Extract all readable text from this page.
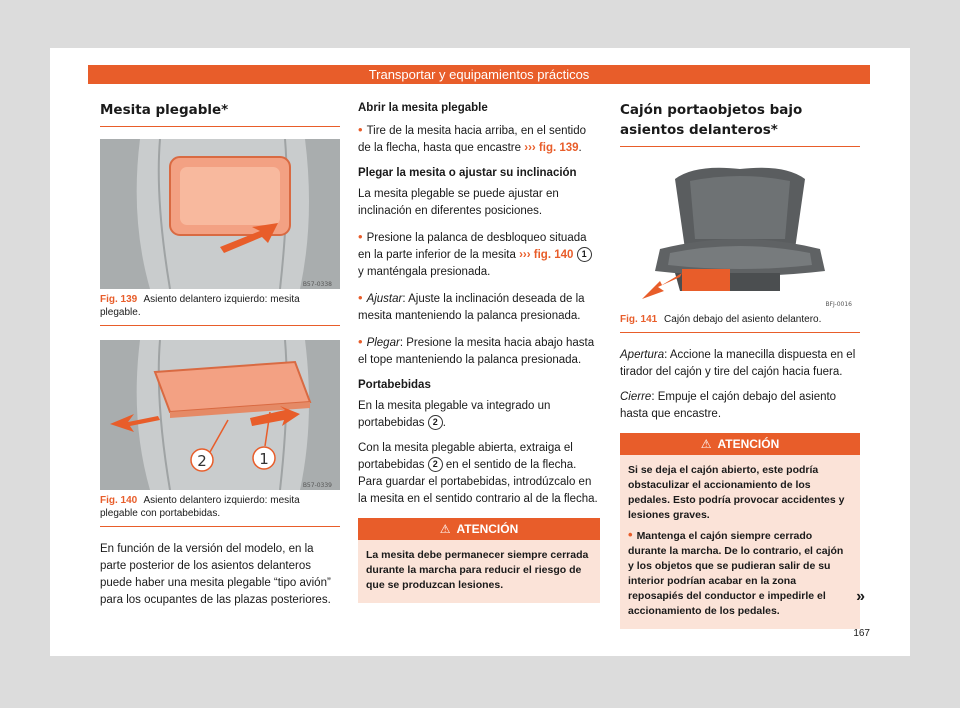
Transportar y equipamientos prácticos
Mesita plegable*
B57-0338
Fig. 139 Asiento delantero izquierdo: mesita plegable.
2	1
B57-0339
Fig. 140 Asiento delantero izquierdo: mesita plegable con portabebidas.

En función de la versión del modelo, en la parte posterior de los asientos delanteros puede haber una mesita plegable “tipo avión” para los ocupantes de las plazas posteriores.

Abrir la mesita plegable

• Tire de la mesita hacia arriba, en el sentido de la flecha, hasta que encastre ››› fig. 139.

Plegar la mesita o ajustar su inclinación

La mesita plegable se puede ajustar en inclinación en diferentes posiciones.

• Presione la palanca de desbloqueo situada en la parte inferior de la mesita ››› fig. 140 1 y manténgala presionada.

• Ajustar: Ajuste la inclinación deseada de la mesita manteniendo la palanca presionada.

• Plegar: Presione la mesita hacia abajo hasta el tope manteniendo la palanca presionada.

Portabebidas

En la mesita plegable va integrado un portabebidas 2 .

Con la mesita plegable abierta, extraiga el portabebidas 2 en el sentido de la flecha. Para guardar el portabebidas, introdúzcalo en la mesita en el sentido contrario al de la flecha.

⚠ ATENCIÓN

La mesita debe permanecer siempre cerrada durante la marcha para reducir el riesgo de que se produzcan lesiones.

Cajón portaobjetos bajo asientos delanteros*
BFJ-0016
Fig. 141 Cajón debajo del asiento delantero.

Apertura: Accione la manecilla dispuesta en el tirador del cajón y tire del cajón hacia fuera.

Cierre: Empuje el cajón debajo del asiento hasta que encastre.

⚠ ATENCIÓN

Si se deja el cajón abierto, este podría obstaculizar el accionamiento de los pedales. Esto podría provocar accidentes y lesiones graves.

• Mantenga el cajón siempre cerrado durante la marcha. De lo contrario, el cajón y los objetos que se pudieran salir de su interior podrían acabar en la zona reposapiés del conductor e impedirle el accionamiento de los pedales.

»
167
